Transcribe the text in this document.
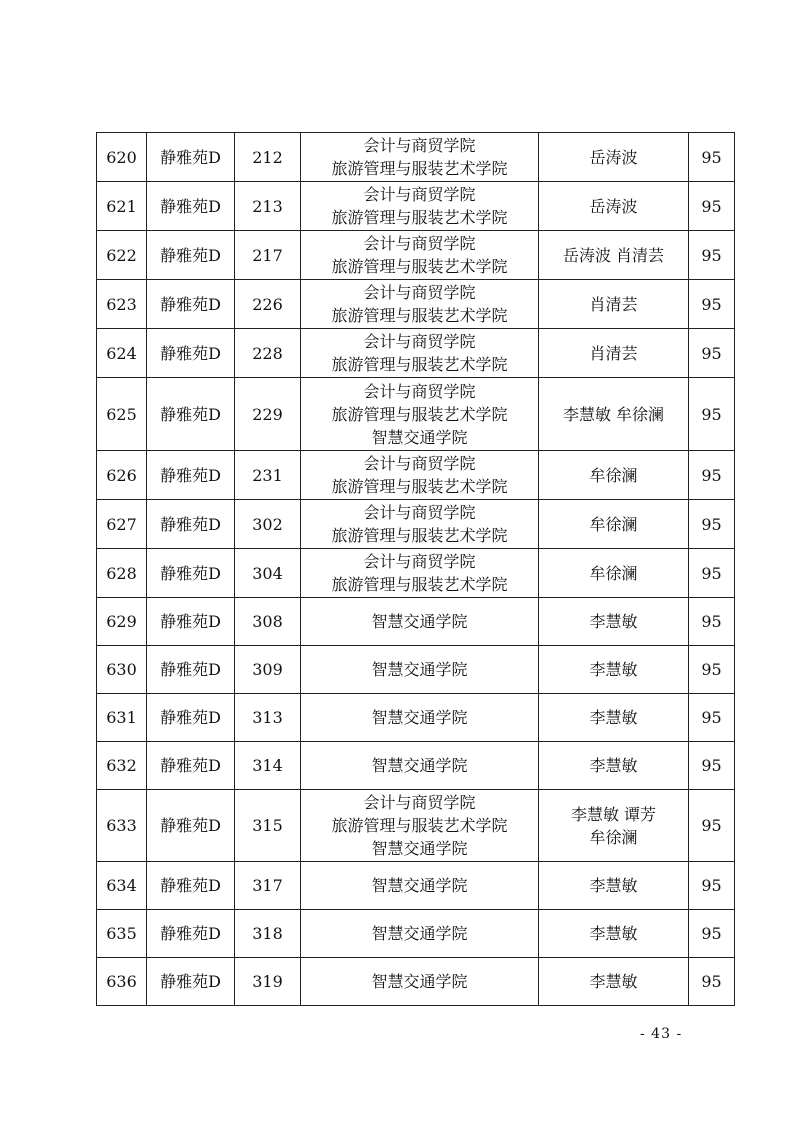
620	静雅苑D	212	会计与商贸学院
旅游管理与服装艺术学院	岳涛波	95
621	静雅苑D	213	会计与商贸学院
旅游管理与服装艺术学院	岳涛波	95
622	静雅苑D	217	会计与商贸学院
旅游管理与服装艺术学院	岳涛波 肖清芸	95
623	静雅苑D	226	会计与商贸学院
旅游管理与服装艺术学院	肖清芸	95
624	静雅苑D	228	会计与商贸学院
旅游管理与服装艺术学院	肖清芸	95
625	静雅苑D	229	会计与商贸学院
旅游管理与服装艺术学院
智慧交通学院	李慧敏 牟徐澜	95
626	静雅苑D	231	会计与商贸学院
旅游管理与服装艺术学院	牟徐澜	95
627	静雅苑D	302	会计与商贸学院
旅游管理与服装艺术学院	牟徐澜	95
628	静雅苑D	304	会计与商贸学院
旅游管理与服装艺术学院	牟徐澜	95
629	静雅苑D	308	智慧交通学院	李慧敏	95
630	静雅苑D	309	智慧交通学院	李慧敏	95
631	静雅苑D	313	智慧交通学院	李慧敏	95
632	静雅苑D	314	智慧交通学院	李慧敏	95
633	静雅苑D	315	会计与商贸学院
旅游管理与服装艺术学院
智慧交通学院	李慧敏 谭芳
牟徐澜	95
634	静雅苑D	317	智慧交通学院	李慧敏	95
635	静雅苑D	318	智慧交通学院	李慧敏	95
636	静雅苑D	319	智慧交通学院	李慧敏	95
- 43 -
